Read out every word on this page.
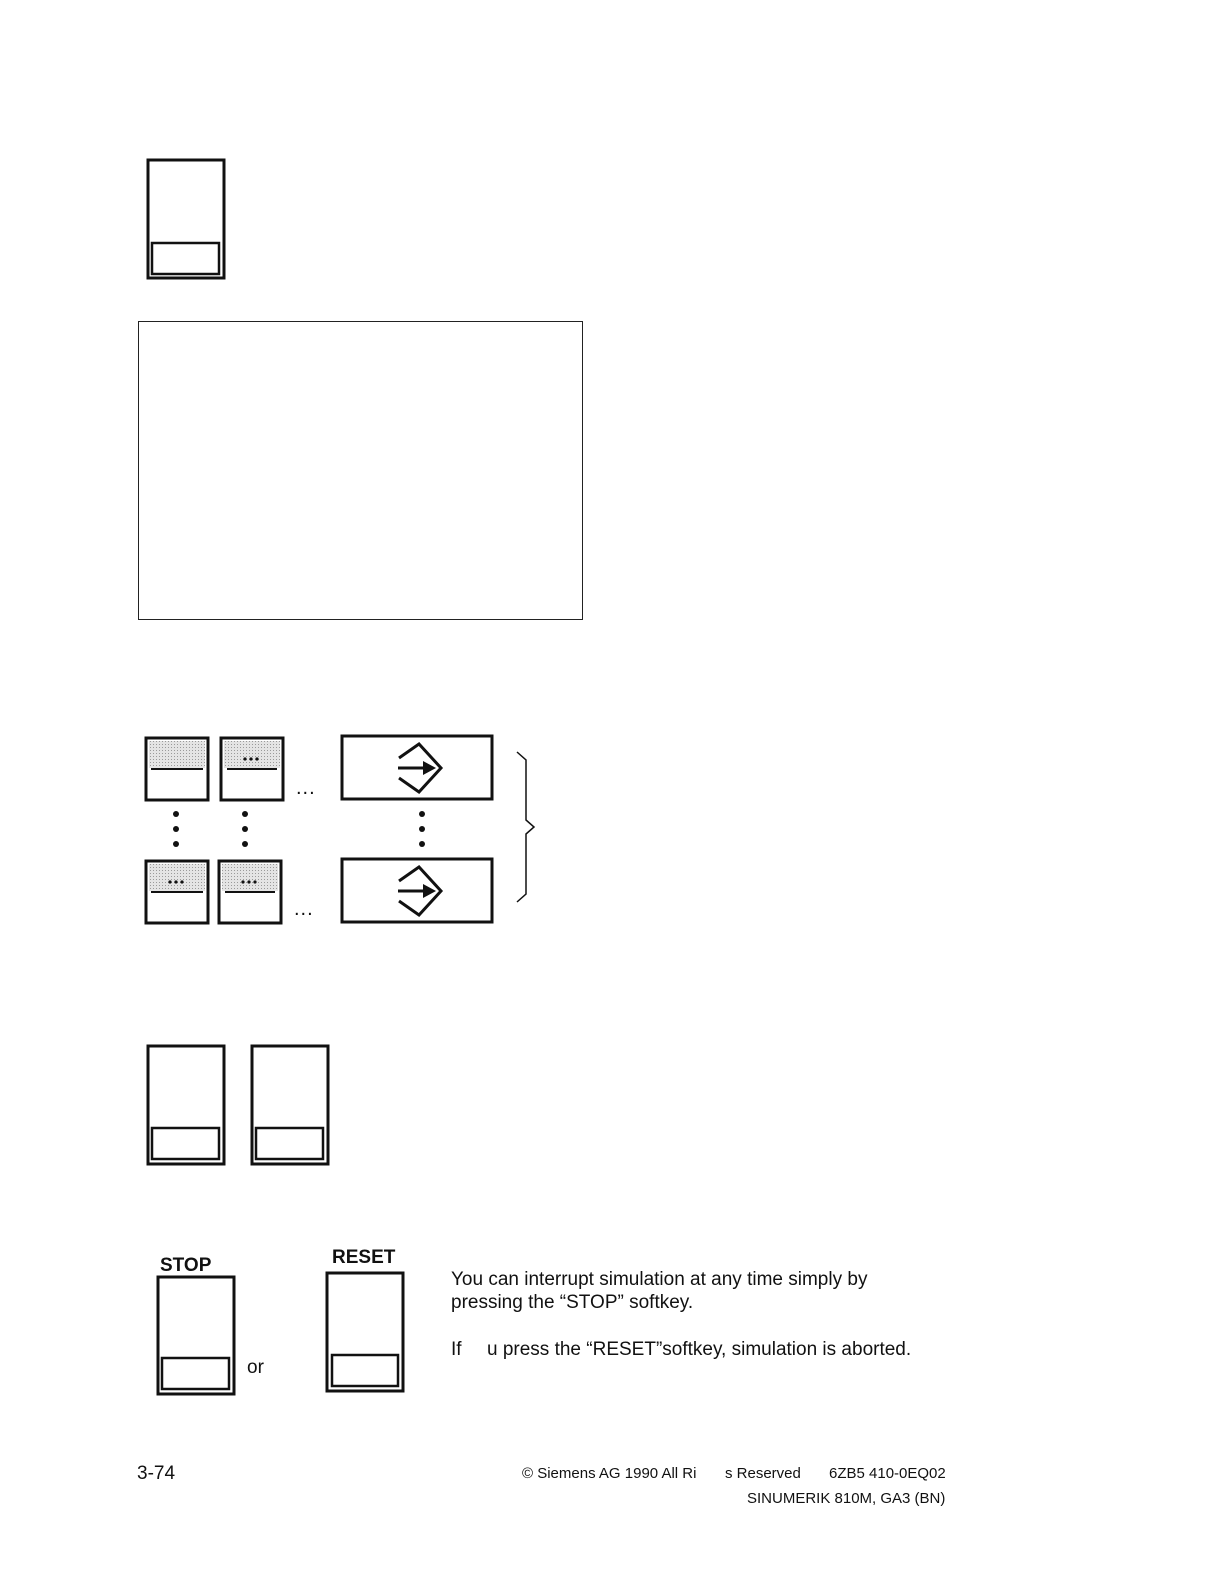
...
...
STOP	RESET
or
You can interrupt simulation at any time simply by
pressing the “STOP” softkey.
If u press the “RESET”softkey, simulation is aborted.
3-74	© Siemens AG 1990 All Ri s Reserved 6ZB5 410-0EQ02
SINUMERIK 810M, GA3 (BN)
